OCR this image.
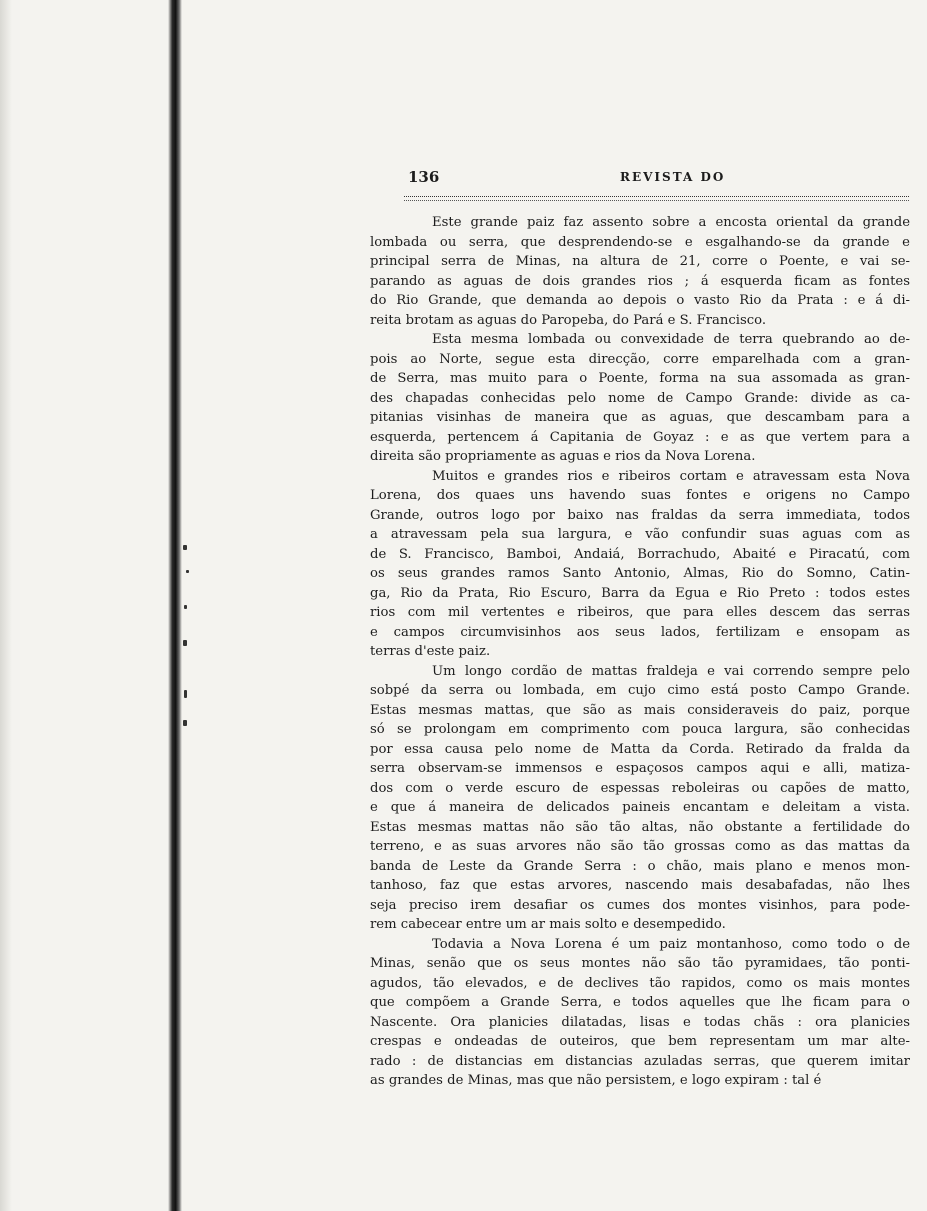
136	REVISTA DO
Este grande paiz faz assento sobre a encosta oriental da grande
lombada ou serra, que desprendendo-se e esgalhando-se da grande e
principal serra de Minas, na altura de 21, corre o Poente, e vai se-
parando as aguas de dois grandes rios ; á esquerda ficam as fontes
do Rio Grande, que demanda ao depois o vasto Rio da Prata : e á di-
reita brotam as aguas do Paropeba, do Pará e S. Francisco.
Esta mesma lombada ou convexidade de terra quebrando ao de-
pois ao Norte, segue esta direcção, corre emparelhada com a gran-
de Serra, mas muito para o Poente, forma na sua assomada as gran-
des chapadas conhecidas pelo nome de Campo Grande: divide as ca-
pitanias visinhas de maneira que as aguas, que descambam para a
esquerda, pertencem á Capitania de Goyaz : e as que vertem para a
direita são propriamente as aguas e rios da Nova Lorena.
Muitos e grandes rios e ribeiros cortam e atravessam esta Nova
Lorena, dos quaes uns havendo suas fontes e origens no Campo
Grande, outros logo por baixo nas fraldas da serra immediata, todos
a atravessam pela sua largura, e vão confundir suas aguas com as
de S. Francisco, Bamboi, Andaiá, Borrachudo, Abaité e Piracatú, com
os seus grandes ramos Santo Antonio, Almas, Rio do Somno, Catin-
ga, Rio da Prata, Rio Escuro, Barra da Egua e Rio Preto : todos estes
rios com mil vertentes e ribeiros, que para elles descem das serras
e campos circumvisinhos aos seus lados, fertilizam e ensopam as
terras d'este paiz.
Um longo cordão de mattas fraldeja e vai correndo sempre pelo
sobpé da serra ou lombada, em cujo cimo está posto Campo Grande.
Estas mesmas mattas, que são as mais consideraveis do paiz, porque
só se prolongam em comprimento com pouca largura, são conhecidas
por essa causa pelo nome de Matta da Corda. Retirado da fralda da
serra observam-se immensos e espaçosos campos aqui e alli, matiza-
dos com o verde escuro de espessas reboleiras ou capões de matto,
e que á maneira de delicados paineis encantam e deleitam a vista.
Estas mesmas mattas não são tão altas, não obstante a fertilidade do
terreno, e as suas arvores não são tão grossas como as das mattas da
banda de Leste da Grande Serra : o chão, mais plano e menos mon-
tanhoso, faz que estas arvores, nascendo mais desabafadas, não lhes
seja preciso irem desafiar os cumes dos montes visinhos, para pode-
rem cabecear entre um ar mais solto e desempedido.
Todavia a Nova Lorena é um paiz montanhoso, como todo o de
Minas, senão que os seus montes não são tão pyramidaes, tão ponti-
agudos, tão elevados, e de declives tão rapidos, como os mais montes
que compõem a Grande Serra, e todos aquelles que lhe ficam para o
Nascente. Ora planicies dilatadas, lisas e todas chãs : ora planicies
crespas e ondeadas de outeiros, que bem representam um mar alte-
rado : de distancias em distancias azuladas serras, que querem imitar
as grandes de Minas, mas que não persistem, e logo expiram : tal é
